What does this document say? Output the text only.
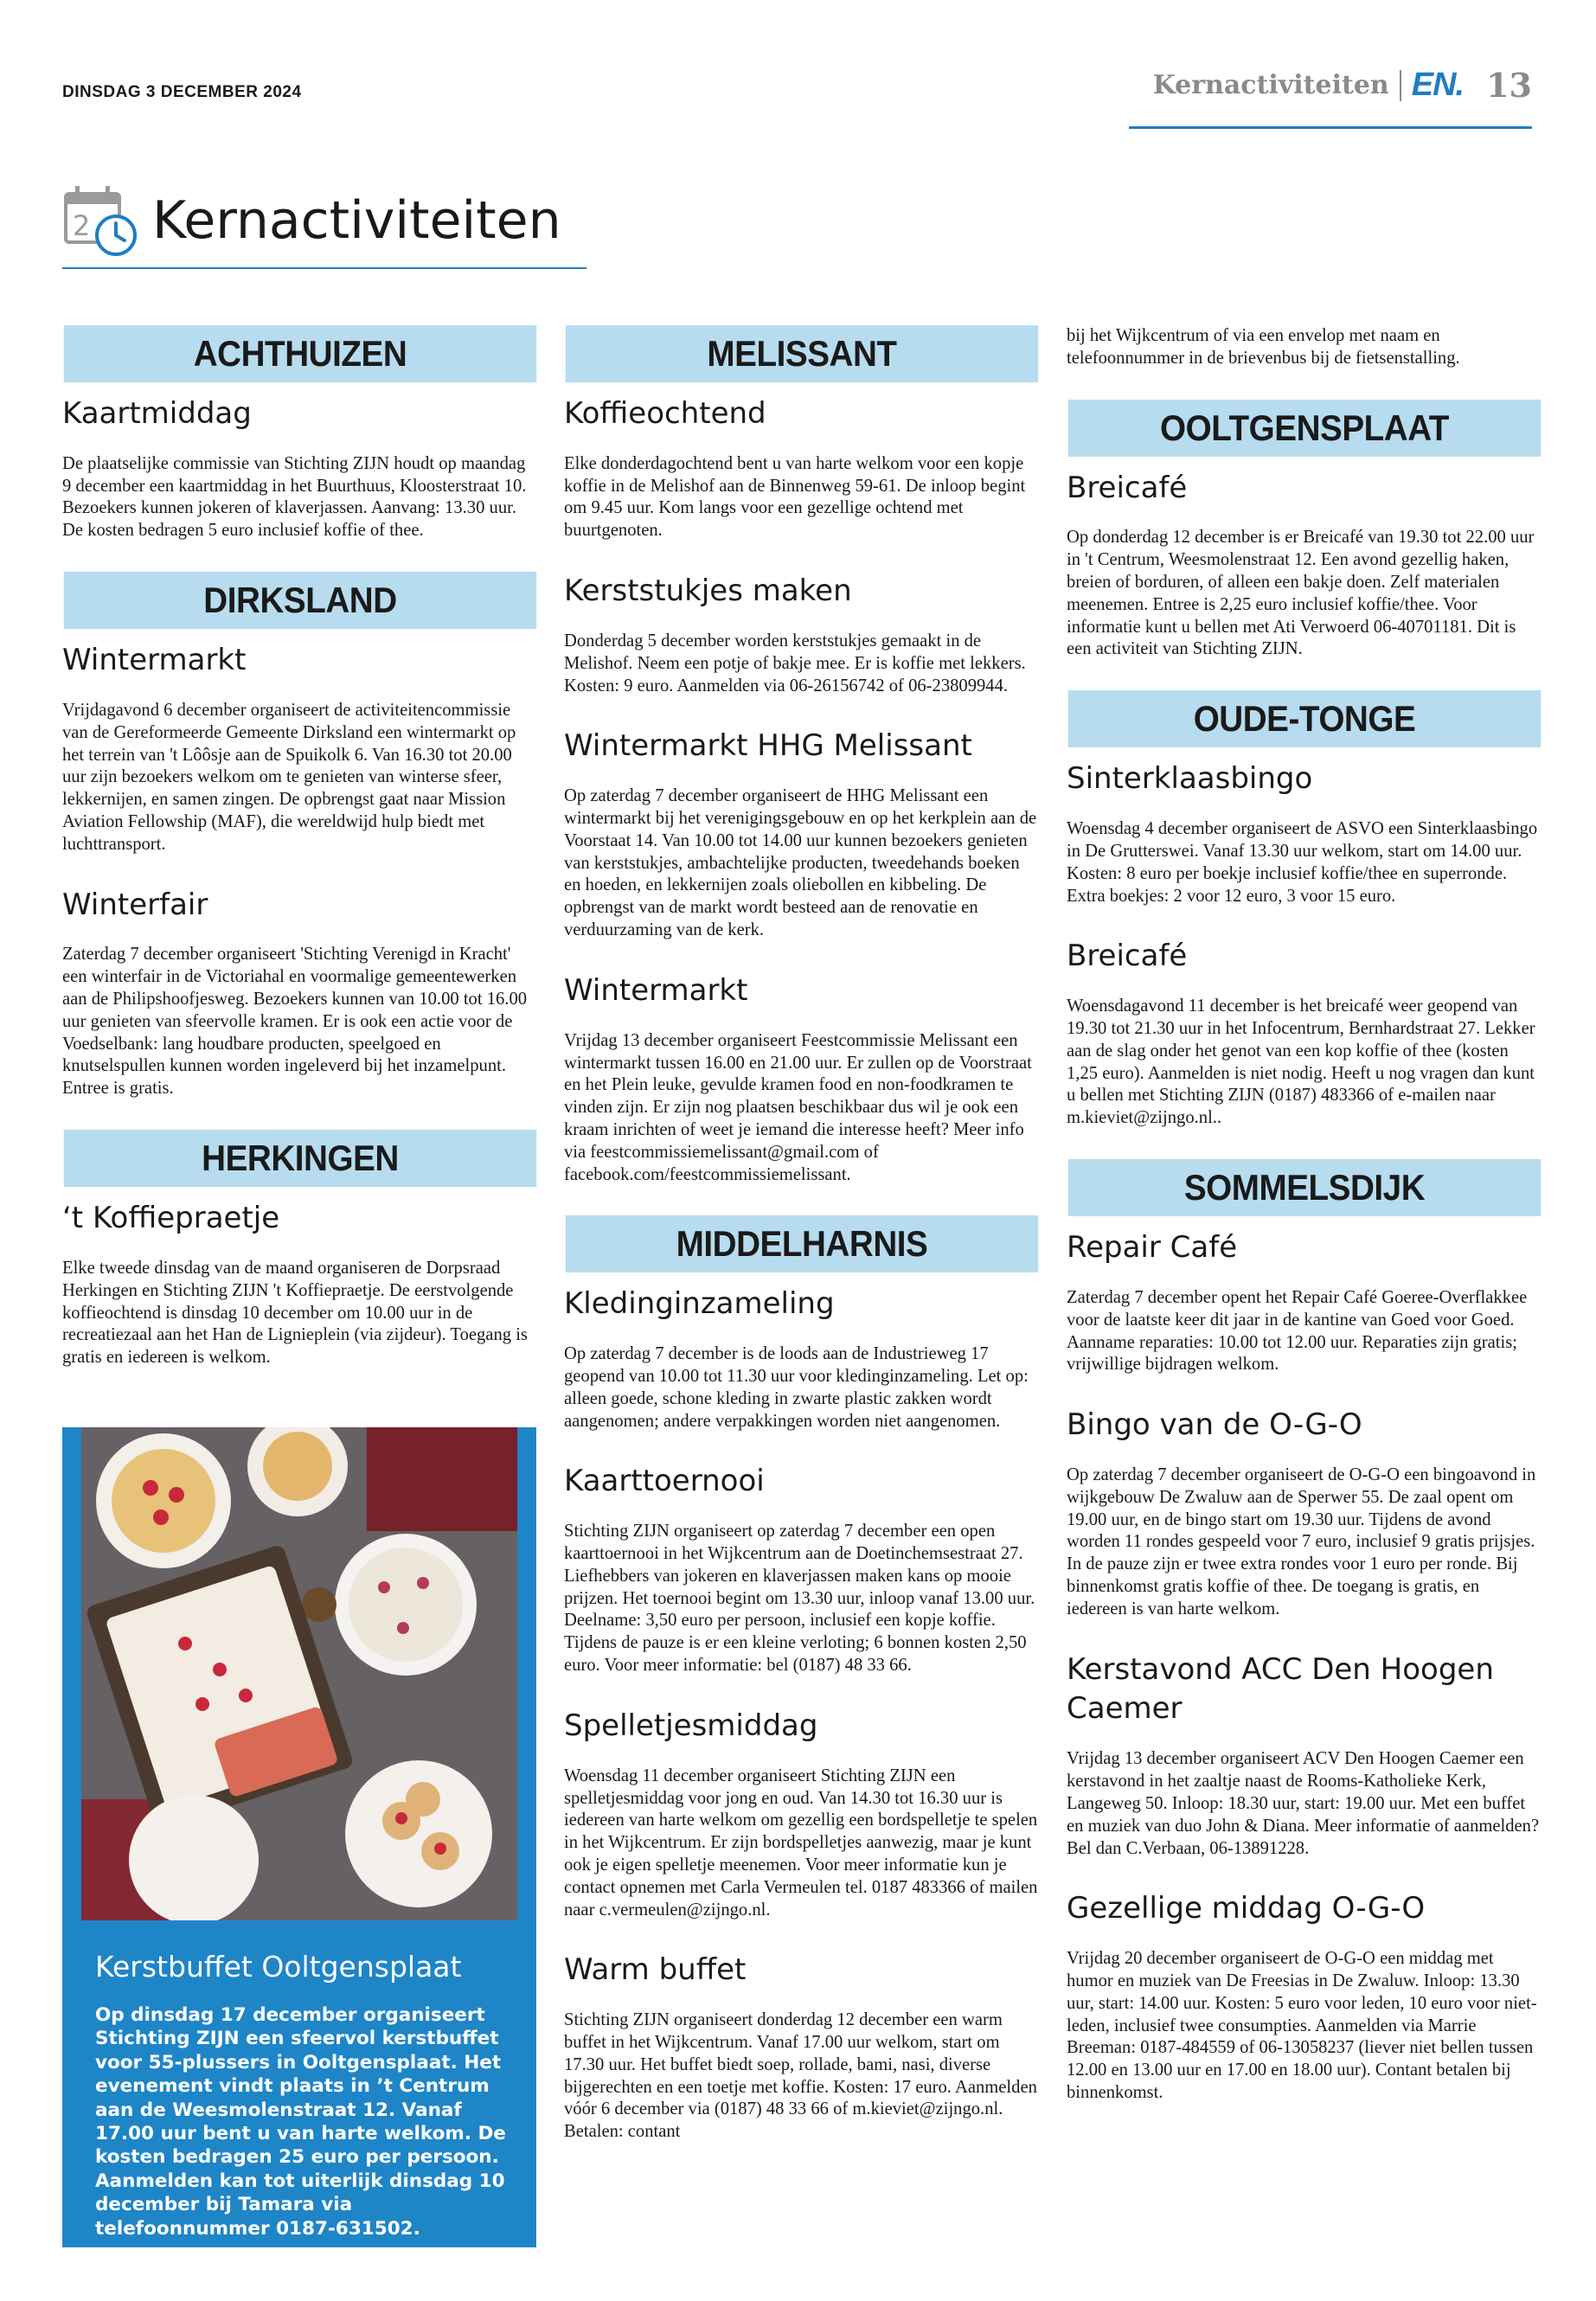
DINSDAG 3 DECEMBER 2024	Kernactiviteiten EN. 13
2 Kernactiviteiten
ACHTHUIZEN
Kaartmiddag
De plaatselijke commissie van Stichting ZIJN houdt op maandag 9 december een kaartmiddag in het Buurthuus, Kloosterstraat 10. Bezoekers kunnen jokeren of klaverjassen. Aanvang: 13.30 uur. De kosten bedragen 5 euro inclusief koffie of thee.
DIRKSLAND
Wintermarkt
Vrijdagavond 6 december organiseert de activiteitencommissie van de Gereformeerde Gemeente Dirksland een wintermarkt op het terrein van 't Lôôsje aan de Spuikolk 6. Van 16.30 tot 20.00 uur zijn bezoekers welkom om te genieten van winterse sfeer, lekkernijen, en samen zingen. De opbrengst gaat naar Mission Aviation Fellowship (MAF), die wereldwijd hulp biedt met luchttransport.
Winterfair
Zaterdag 7 december organiseert 'Stichting Verenigd in Kracht' een winterfair in de Victoriahal en voormalige gemeentewerken aan de Philipshoofjesweg. Bezoekers kunnen van 10.00 tot 16.00 uur genieten van sfeervolle kramen. Er is ook een actie voor de Voedselbank: lang houdbare producten, speelgoed en knutselspullen kunnen worden ingeleverd bij het inzamelpunt. Entree is gratis.
HERKINGEN
‘t Koffiepraetje
Elke tweede dinsdag van de maand organiseren de Dorpsraad Herkingen en Stichting ZIJN 't Koffiepraetje. De eerstvolgende koffieochtend is dinsdag 10 december om 10.00 uur in de recreatiezaal aan het Han de Lignieplein (via zijdeur). Toegang is gratis en iedereen is welkom.
MELISSANT
Koffieochtend
Elke donderdagochtend bent u van harte welkom voor een kopje koffie in de Melishof aan de Binnenweg 59-61. De inloop begint om 9.45 uur. Kom langs voor een gezellige ochtend met buurtgenoten.
Kerststukjes maken
Donderdag 5 december worden kerststukjes gemaakt in de Melishof. Neem een potje of bakje mee. Er is koffie met lekkers. Kosten: 9 euro. Aanmelden via 06-26156742 of 06-23809944.
Wintermarkt HHG Melissant
Op zaterdag 7 december organiseert de HHG Melissant een wintermarkt bij het verenigingsgebouw en op het kerkplein aan de Voorstaat 14. Van 10.00 tot 14.00 uur kunnen bezoekers genieten van kerststukjes, ambachtelijke producten, tweedehands boeken en hoeden, en lekkernijen zoals oliebollen en kibbeling. De opbrengst van de markt wordt besteed aan de renovatie en verduurzaming van de kerk.
Wintermarkt
Vrijdag 13 december organiseert Feestcommissie Melissant een wintermarkt tussen 16.00 en 21.00 uur. Er zullen op de Voorstraat en het Plein leuke, gevulde kramen food en non-foodkramen te vinden zijn. Er zijn nog plaatsen beschikbaar dus wil je ook een kraam inrichten of weet je iemand die interesse heeft? Meer info via feestcommissiemelissant@gmail.com of facebook.com/feestcommissiemelissant.
MIDDELHARNIS
Kledinginzameling
Op zaterdag 7 december is de loods aan de Industrieweg 17 geopend van 10.00 tot 11.30 uur voor kledinginzameling. Let op: alleen goede, schone kleding in zwarte plastic zakken wordt aangenomen; andere verpakkingen worden niet aangenomen.
Kaarttoernooi
Stichting ZIJN organiseert op zaterdag 7 december een open kaarttoernooi in het Wijkcentrum aan de Doetinchemsestraat 27. Liefhebbers van jokeren en klaverjassen maken kans op mooie prijzen. Het toernooi begint om 13.30 uur, inloop vanaf 13.00 uur. Deelname: 3,50 euro per persoon, inclusief een kopje koffie. Tijdens de pauze is er een kleine verloting; 6 bonnen kosten 2,50 euro. Voor meer informatie: bel (0187) 48 33 66.
Spelletjesmiddag
Woensdag 11 december organiseert Stichting ZIJN een spelletjesmiddag voor jong en oud. Van 14.30 tot 16.30 uur is iedereen van harte welkom om gezellig een bordspelletje te spelen in het Wijkcentrum. Er zijn bordspelletjes aanwezig, maar je kunt ook je eigen spelletje meenemen. Voor meer informatie kun je contact opnemen met Carla Vermeulen tel. 0187 483366 of mailen naar c.vermeulen@zijngo.nl.
Warm buffet
Stichting ZIJN organiseert donderdag 12 december een warm buffet in het Wijkcentrum. Vanaf 17.00 uur welkom, start om 17.30 uur. Het buffet biedt soep, rollade, bami, nasi, diverse bijgerechten en een toetje met koffie. Kosten: 17 euro. Aanmelden vóór 6 december via (0187) 48 33 66 of m.kieviet@zijngo.nl. Betalen: contant
bij het Wijkcentrum of via een envelop met naam en telefoonnummer in de brievenbus bij de fietsenstalling.
OOLTGENSPLAAT
Breicafé
Op donderdag 12 december is er Breicafé van 19.30 tot 22.00 uur in 't Centrum, Weesmolenstraat 12. Een avond gezellig haken, breien of borduren, of alleen een bakje doen. Zelf materialen meenemen. Entree is 2,25 euro inclusief koffie/thee. Voor informatie kunt u bellen met Ati Verwoerd 06-40701181. Dit is een activiteit van Stichting ZIJN.
OUDE-TONGE
Sinterklaasbingo
Woensdag 4 december organiseert de ASVO een Sinterklaasbingo in De Grutterswei. Vanaf 13.30 uur welkom, start om 14.00 uur. Kosten: 8 euro per boekje inclusief koffie/thee en superronde. Extra boekjes: 2 voor 12 euro, 3 voor 15 euro.
Breicafé
Woensdagavond 11 december is het breicafé weer geopend van 19.30 tot 21.30 uur in het Infocentrum, Bernhardstraat 27. Lekker aan de slag onder het genot van een kop koffie of thee (kosten 1,25 euro). Aanmelden is niet nodig. Heeft u nog vragen dan kunt u bellen met Stichting ZIJN (0187) 483366 of e-mailen naar m.kieviet@zijngo.nl..
SOMMELSDIJK
Repair Café
Zaterdag 7 december opent het Repair Café Goeree-Overflakkee voor de laatste keer dit jaar in de kantine van Goed voor Goed. Aanname reparaties: 10.00 tot 12.00 uur. Reparaties zijn gratis; vrijwillige bijdragen welkom.
Bingo van de O-G-O
Op zaterdag 7 december organiseert de O-G-O een bingoavond in wijkgebouw De Zwaluw aan de Sperwer 55. De zaal opent om 19.00 uur, en de bingo start om 19.30 uur. Tijdens de avond worden 11 rondes gespeeld voor 7 euro, inclusief 9 gratis prijsjes. In de pauze zijn er twee extra rondes voor 1 euro per ronde. Bij binnenkomst gratis koffie of thee. De toegang is gratis, en iedereen is van harte welkom.
Kerstavond ACC Den Hoogen Caemer
Vrijdag 13 december organiseert ACV Den Hoogen Caemer een kerstavond in het zaaltje naast de Rooms-Katholieke Kerk, Langeweg 50. Inloop: 18.30 uur, start: 19.00 uur. Met een buffet en muziek van duo John & Diana. Meer informatie of aanmelden? Bel dan C.Verbaan, 06-13891228.
Gezellige middag O-G-O
Vrijdag 20 december organiseert de O-G-O een middag met humor en muziek van De Freesias in De Zwaluw. Inloop: 13.30 uur, start: 14.00 uur. Kosten: 5 euro voor leden, 10 euro voor niet-leden, inclusief twee consumpties. Aanmelden via Marrie Breeman: 0187-484559 of 06-13058237 (liever niet bellen tussen 12.00 en 13.00 uur en 17.00 en 18.00 uur). Contant betalen bij binnenkomst.
Kerstbuffet Ooltgensplaat
Op dinsdag 17 december organiseert Stichting ZIJN een sfeervol kerstbuffet voor 55-plussers in Ooltgensplaat. Het evenement vindt plaats in ’t Centrum aan de Weesmolenstraat 12. Vanaf 17.00 uur bent u van harte welkom. De kosten bedragen 25 euro per persoon. Aanmelden kan tot uiterlijk dinsdag 10 december bij Tamara via telefoonnummer 0187-631502.
